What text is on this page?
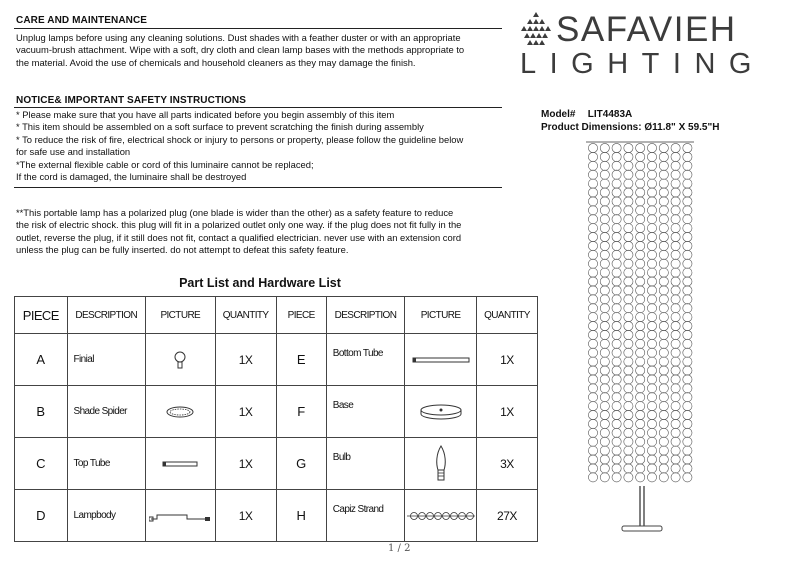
CARE AND MAINTENANCE
Unplug lamps before using any cleaning solutions. Dust shades with a feather duster or with an appropriate
vacuum-brush attachment. Wipe with a soft, dry cloth and clean lamp bases with the methods appropriate to
the material. Avoid the use of chemicals and household cleaners as they may damage the finish.
NOTICE& IMPORTANT SAFETY INSTRUCTIONS
* Please make sure that you have all parts indicated before you begin assembly of this item
* This item should be assembled on a soft surface to prevent scratching the finish during assembly
* To reduce the risk of fire, electrical shock or injury to persons or property, please follow the guideline below
for safe use and installation
*The external flexible cable or cord of this luminaire cannot be replaced;
If the cord is damaged, the luminaire shall be destroyed
**This portable lamp has a polarized plug (one blade is wider than the other) as a safety feature to reduce
the risk of electric shock. this plug will fit in a polarized outlet only one way. if the plug does not fit fully in the
outlet, reverse the plug, if it still does not fit, contact a qualified electrician. never use with an extension cord
unless the plug can be fully inserted. do not attempt to defeat this safety feature.
SAFAVIEH
LIGHTING
Model# LIT4483A
Product Dimensions: Ø11.8" X 59.5"H
Part List and Hardware List
PIECE	DESCRIPTION	PICTURE	QUANTITY	PIECE	DESCRIPTION	PICTURE	QUANTITY
A	Finial		1X	E	Bottom Tube		1X
B	Shade Spider		1X	F	Base		1X
C	Top Tube		1X	G	Bulb		3X
D	Lampbody		1X	H	Capiz Strand		27X
1 / 2
